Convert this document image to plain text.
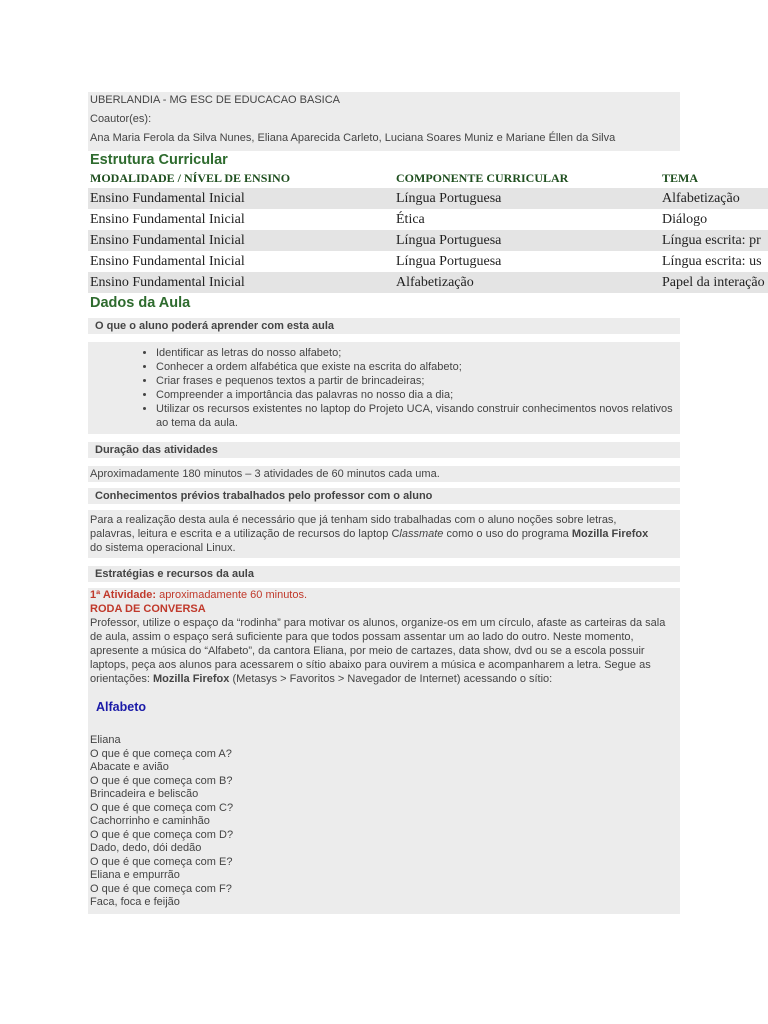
UBERLANDIA - MG ESC DE EDUCACAO BASICA
Coautor(es):
Ana Maria Ferola da Silva Nunes, Eliana Aparecida Carleto, Luciana Soares Muniz e Mariane Éllen da Silva
Estrutura Curricular
MODALIDADE / NÍVEL DE ENSINO	COMPONENTE CURRICULAR	TEMA
Ensino Fundamental Inicial	Língua Portuguesa	Alfabetização
Ensino Fundamental Inicial	Ética	Diálogo
Ensino Fundamental Inicial	Língua Portuguesa	Língua escrita: pr
Ensino Fundamental Inicial	Língua Portuguesa	Língua escrita: us
Ensino Fundamental Inicial	Alfabetização	Papel da interação
Dados da Aula
O que o aluno poderá aprender com esta aula
• Identificar as letras do nosso alfabeto;
• Conhecer a ordem alfabética que existe na escrita do alfabeto;
• Criar frases e pequenos textos a partir de brincadeiras;
• Compreender a importância das palavras no nosso dia a dia;
• Utilizar os recursos existentes no laptop do Projeto UCA, visando construir conhecimentos novos relativos ao tema da aula.
Duração das atividades
Aproximadamente 180 minutos – 3 atividades de 60 minutos cada uma.
Conhecimentos prévios trabalhados pelo professor com o aluno
Para a realização desta aula é necessário que já tenham sido trabalhadas com o aluno noções sobre letras, palavras, leitura e escrita e a utilização de recursos do laptop Classmate como o uso do programa Mozilla Firefox do sistema operacional Linux.
Estratégias e recursos da aula
1ª Atividade: aproximadamente 60 minutos.
RODA DE CONVERSA
Professor, utilize o espaço da “rodinha” para motivar os alunos, organize-os em um círculo, afaste as carteiras da sala de aula, assim o espaço será suficiente para que todos possam assentar um ao lado do outro. Neste momento, apresente a música do “Alfabeto”, da cantora Eliana, por meio de cartazes, data show, dvd ou se a escola possuir laptops, peça aos alunos para acessarem o sítio abaixo para ouvirem a música e acompanharem a letra. Segue as orientações: Mozilla Firefox (Metasys > Favoritos > Navegador de Internet) acessando o sítio:
Alfabeto
Eliana
O que é que começa com A?
Abacate e avião
O que é que começa com B?
Brincadeira e beliscão
O que é que começa com C?
Cachorrinho e caminhão
O que é que começa com D?
Dado, dedo, dói dedão
O que é que começa com E?
Eliana e empurrão
O que é que começa com F?
Faca, foca e feijão
